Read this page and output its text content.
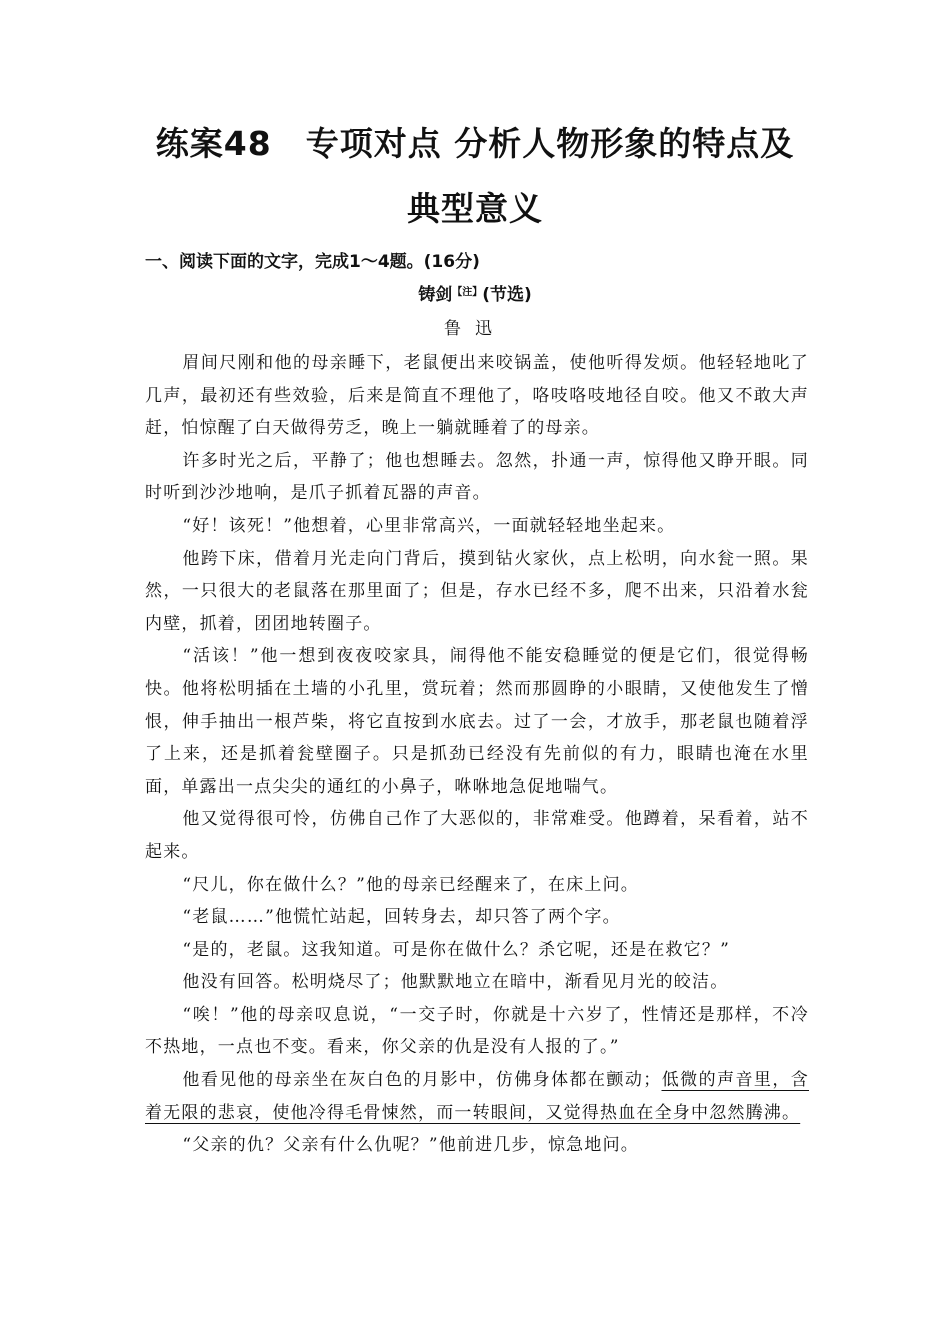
练案48　专项对点 分析人物形象的特点及
典型意义
一、阅读下面的文字，完成1～4题。(16分)
铸剑$^{【注】}$(节选)
鲁迅

眉间尺刚和他的母亲睡下，老鼠便出来咬锅盖，使他听得发烦。他轻轻地叱了几声，最初还有些效验，后来是简直不理他了，咯吱咯吱地径自咬。他又不敢大声赶，怕惊醒了白天做得劳乏，晚上一躺就睡着了的母亲。

许多时光之后，平静了；他也想睡去。忽然，扑通一声，惊得他又睁开眼。同时听到沙沙地响，是爪子抓着瓦器的声音。

“好！该死！”他想着，心里非常高兴，一面就轻轻地坐起来。

他跨下床，借着月光走向门背后，摸到钻火家伙，点上松明，向水瓮一照。果然，一只很大的老鼠落在那里面了；但是，存水已经不多，爬不出来，只沿着水瓮内壁，抓着，团团地转圈子。

“活该！”他一想到夜夜咬家具，闹得他不能安稳睡觉的便是它们，很觉得畅快。他将松明插在土墙的小孔里，赏玩着；然而那圆睁的小眼睛，又使他发生了憎恨，伸手抽出一根芦柴，将它直按到水底去。过了一会，才放手，那老鼠也随着浮了上来，还是抓着瓮壁圈子。只是抓劲已经没有先前似的有力，眼睛也淹在水里面，单露出一点尖尖的通红的小鼻子，咻咻地急促地喘气。

他又觉得很可怜，仿佛自己作了大恶似的，非常难受。他蹲着，呆看着，站不起来。

“尺儿，你在做什么？”他的母亲已经醒来了，在床上问。

“老鼠……”他慌忙站起，回转身去，却只答了两个字。

“是的，老鼠。这我知道。可是你在做什么？杀它呢，还是在救它？”

他没有回答。松明烧尽了；他默默地立在暗中，渐看见月光的皎洁。

“唉！”他的母亲叹息说，“一交子时，你就是十六岁了，性情还是那样，不冷不热地，一点也不变。看来，你父亲的仇是没有人报的了。”

他看见他的母亲坐在灰白色的月影中，仿佛身体都在颤动；低微的声音里，含着无限的悲哀，使他冷得毛骨悚然，而一转眼间，又觉得热血在全身中忽然腾沸。

“父亲的仇？父亲有什么仇呢？”他前进几步，惊急地问。
